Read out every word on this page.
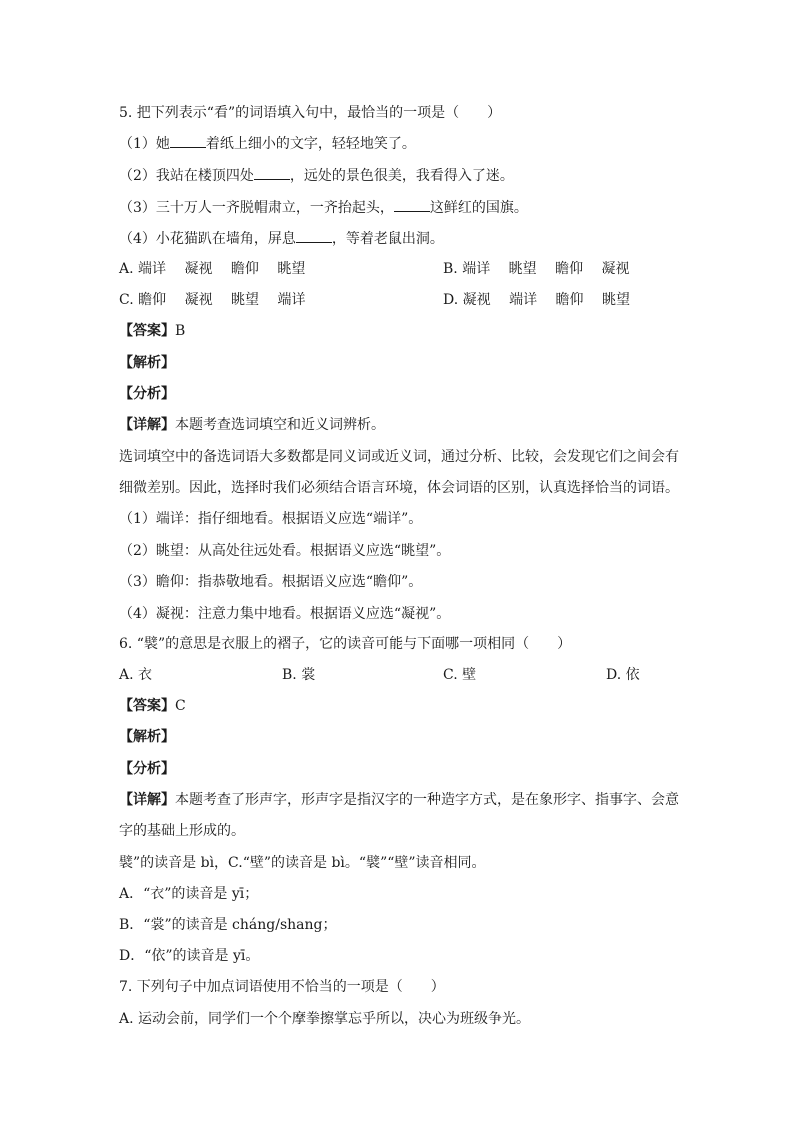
5. 把下列表示“看”的词语填入句中，最恰当的一项是（　　）
（1）她	着纸上细小的文字，轻轻地笑了。
（2）我站在楼顶四处	，远处的景色很美，我看得入了迷。
（3）三十万人一齐脱帽肃立，一齐抬起头，	这鲜红的国旗。
（4）小花猫趴在墙角，屏息	，等着老鼠出洞。
A. 端详　 凝视　 瞻仰　 眺望	B. 端详　 眺望　 瞻仰　 凝视
C. 瞻仰　 凝视　 眺望　 端详	D. 凝视　 端详　 瞻仰　 眺望
【答案】B
【解析】
【分析】
【详解】本题考查选词填空和近义词辨析。
选词填空中的备选词语大多数都是同义词或近义词，通过分析、比较，会发现它们之间会有
细微差别。因此，选择时我们必须结合语言环境，体会词语的区别，认真选择恰当的词语。
（1）端详：指仔细地看。根据语义应选“端详”。
（2）眺望：从高处往远处看。根据语义应选“眺望”。
（3）瞻仰：指恭敬地看。根据语义应选“瞻仰”。
（4）凝视：注意力集中地看。根据语义应选“凝视”。
6. “襞”的意思是衣服上的褶子，它的读音可能与下面哪一项相同（　　）
A. 衣	B. 裳	C. 壁	D. 依
【答案】C
【解析】
【分析】
【详解】本题考查了形声字，形声字是指汉字的一种造字方式，是在象形字、指事字、会意
字的基础上形成的。
襞”的读音是 bì，C.“壁”的读音是 bì。“襞”“壁”读音相同。
A．“衣”的读音是 yī；
B．“裳”的读音是 cháng/shang；
D．“依”的读音是 yī。
7. 下列句子中加点词语使用不恰当的一项是（　　）
A. 运动会前，同学们一个个摩拳擦掌忘乎所以，决心为班级争光。
